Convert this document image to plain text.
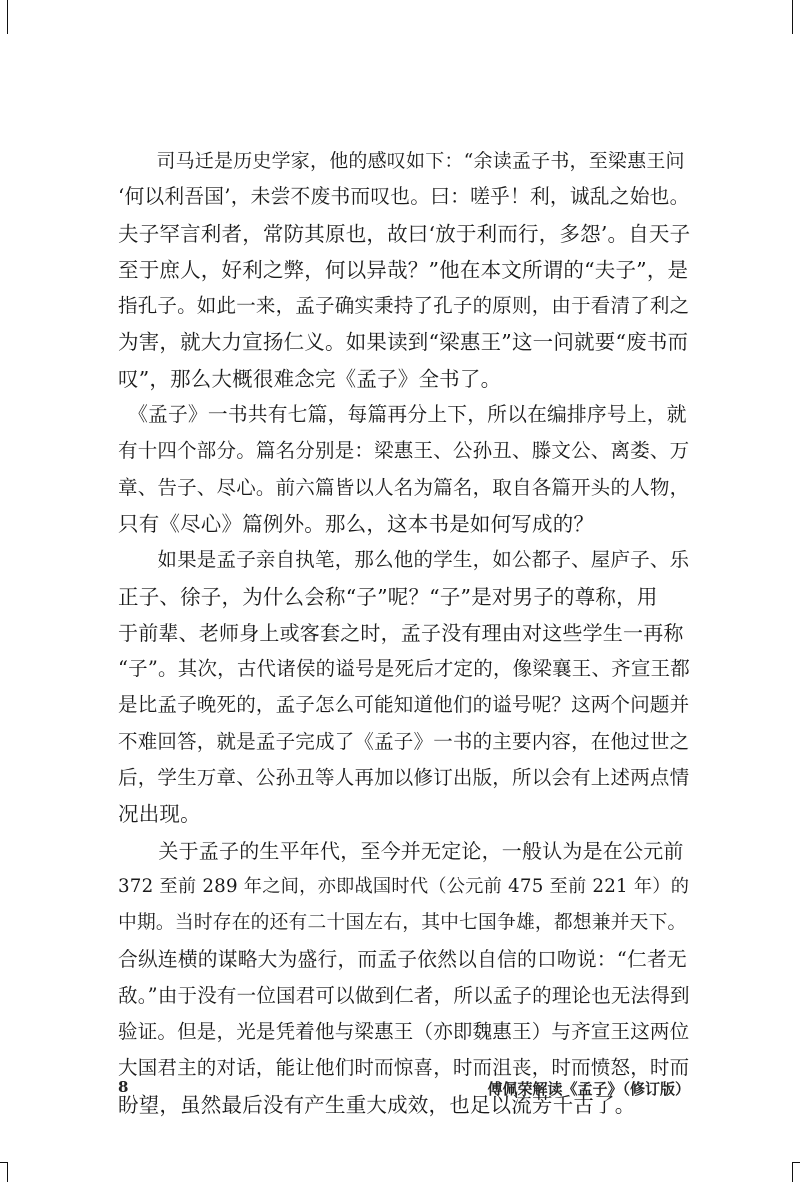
　　司马迁是历史学家，他的感叹如下：“余读孟子书，至梁惠王问
‘何以利吾国’，未尝不废书而叹也。曰：嗟乎！利，诚乱之始也。
夫子罕言利者，常防其原也，故曰‘放于利而行，多怨’。自天子
至于庶人，好利之弊，何以异哉？”他在本文所谓的“夫子”，是
指孔子。如此一来，孟子确实秉持了孔子的原则，由于看清了利之
为害，就大力宣扬仁义。如果读到“梁惠王”这一问就要“废书而
叹”，那么大概很难念完《孟子》全书了。
　《孟子》一书共有七篇，每篇再分上下，所以在编排序号上，就
有十四个部分。篇名分别是：梁惠王、公孙丑、滕文公、离娄、万
章、告子、尽心。前六篇皆以人名为篇名，取自各篇开头的人物，
只有《尽心》篇例外。那么，这本书是如何写成的？
　　如果是孟子亲自执笔，那么他的学生，如公都子、屋庐子、乐
正子、徐子，为什么会称“子”呢？“子”是对男子的尊称，用
于前辈、老师身上或客套之时，孟子没有理由对这些学生一再称
“子”。其次，古代诸侯的谥号是死后才定的，像梁襄王、齐宣王都
是比孟子晚死的，孟子怎么可能知道他们的谥号呢？这两个问题并
不难回答，就是孟子完成了《孟子》一书的主要内容，在他过世之
后，学生万章、公孙丑等人再加以修订出版，所以会有上述两点情
况出现。
　　关于孟子的生平年代，至今并无定论，一般认为是在公元前
372 至前 289 年之间，亦即战国时代（公元前 475 至前 221 年）的
中期。当时存在的还有二十国左右，其中七国争雄，都想兼并天下。
合纵连横的谋略大为盛行，而孟子依然以自信的口吻说：“仁者无
敌。”由于没有一位国君可以做到仁者，所以孟子的理论也无法得到
验证。但是，光是凭着他与梁惠王（亦即魏惠王）与齐宣王这两位
大国君主的对话，能让他们时而惊喜，时而沮丧，时而愤怒，时而
盼望，虽然最后没有产生重大成效，也足以流芳千古了。
8	傅佩荣解读《孟子》（修订版）
